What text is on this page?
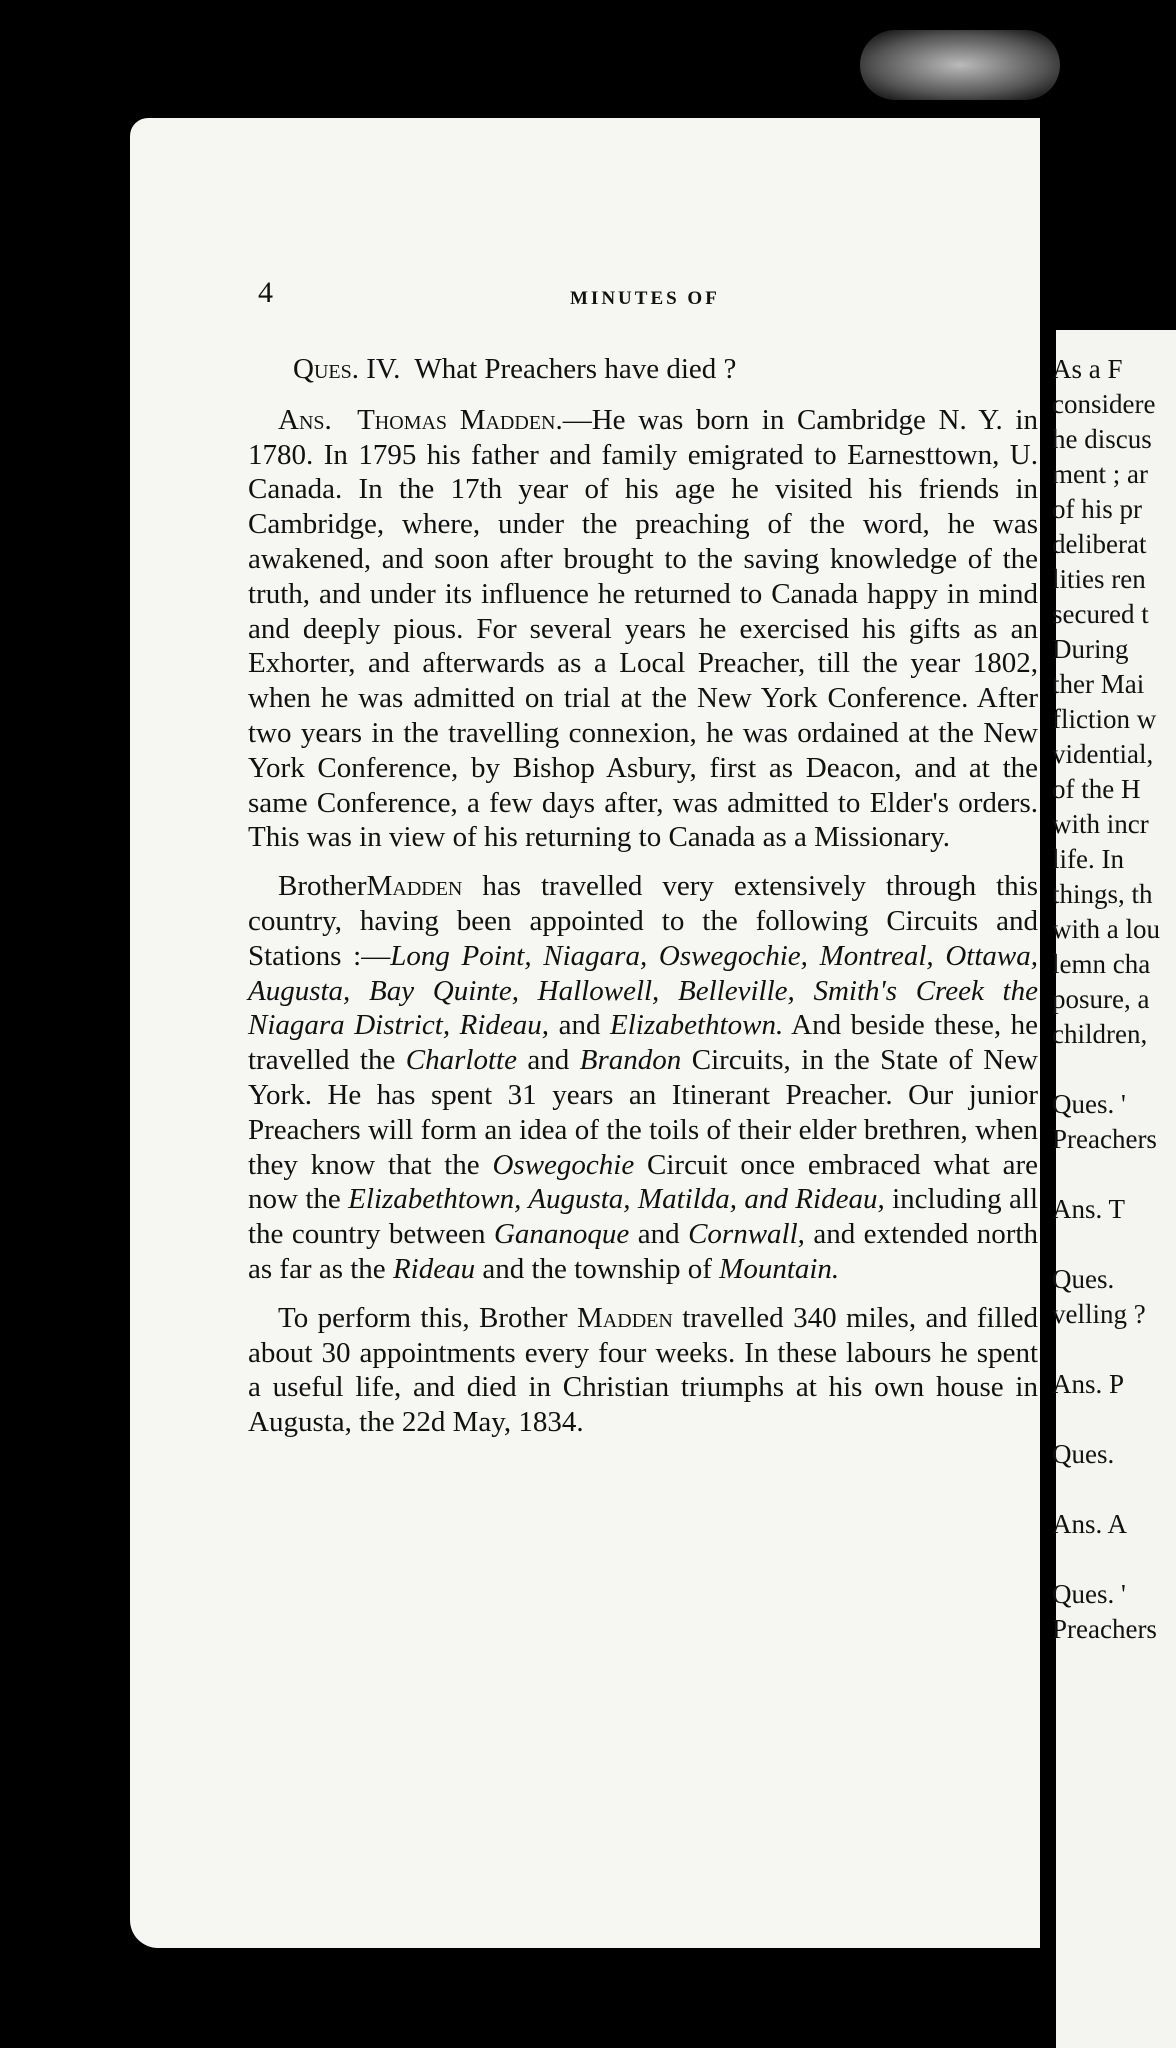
4	MINUTES OF

Ques. IV. What Preachers have died ?

Ans. Thomas Madden.—He was born in Cambridge N. Y. in 1780. In 1795 his father and family emigrated to Earnesttown, U. Canada. In the 17th year of his age he visited his friends in Cambridge, where, under the preaching of the word, he was awakened, and soon after brought to the saving knowledge of the truth, and under its influence he returned to Canada happy in mind and deeply pious. For several years he exercised his gifts as an Exhorter, and afterwards as a Local Preacher, till the year 1802, when he was admitted on trial at the New York Conference. After two years in the travelling connexion, he was ordained at the New York Conference, by Bishop Asbury, first as Deacon, and at the same Conference, a few days after, was admitted to Elder's orders. This was in view of his returning to Canada as a Missionary.

BrotherMadden has travelled very extensively through this country, having been appointed to the following Circuits and Stations :—Long Point, Niagara, Oswegochie, Montreal, Ottawa, Augusta, Bay Quinte, Hallowell, Belleville, Smith's Creek the Niagara District, Rideau, and Elizabethtown. And beside these, he travelled the Charlotte and Brandon Circuits, in the State of New York. He has spent 31 years an Itinerant Preacher. Our junior Preachers will form an idea of the toils of their elder brethren, when they know that the Oswegochie Circuit once embraced what are now the Elizabethtown, Augusta, Matilda, and Rideau, including all the country between Gananoque and Cornwall, and extended north as far as the Rideau and the township of Mountain.

To perform this, Brother Madden travelled 340 miles, and filled about 30 appointments every four weeks. In these labours he spent a useful life, and died in Christian triumphs at his own house in Augusta, the 22d May, 1834.

As a F
considere
he discus
ment ; ar
of his pr
deliberat
lities ren
secured t
During
ther Mai
fliction w
vidential,
of the H
with incr
life. In
things, th
with a lou
lemn cha
posure, a
children,
Ques. '
Preachers
Ans. T
Ques.
velling ?
Ans. P
Ques.
Ans. A
Ques. '
Preachers
